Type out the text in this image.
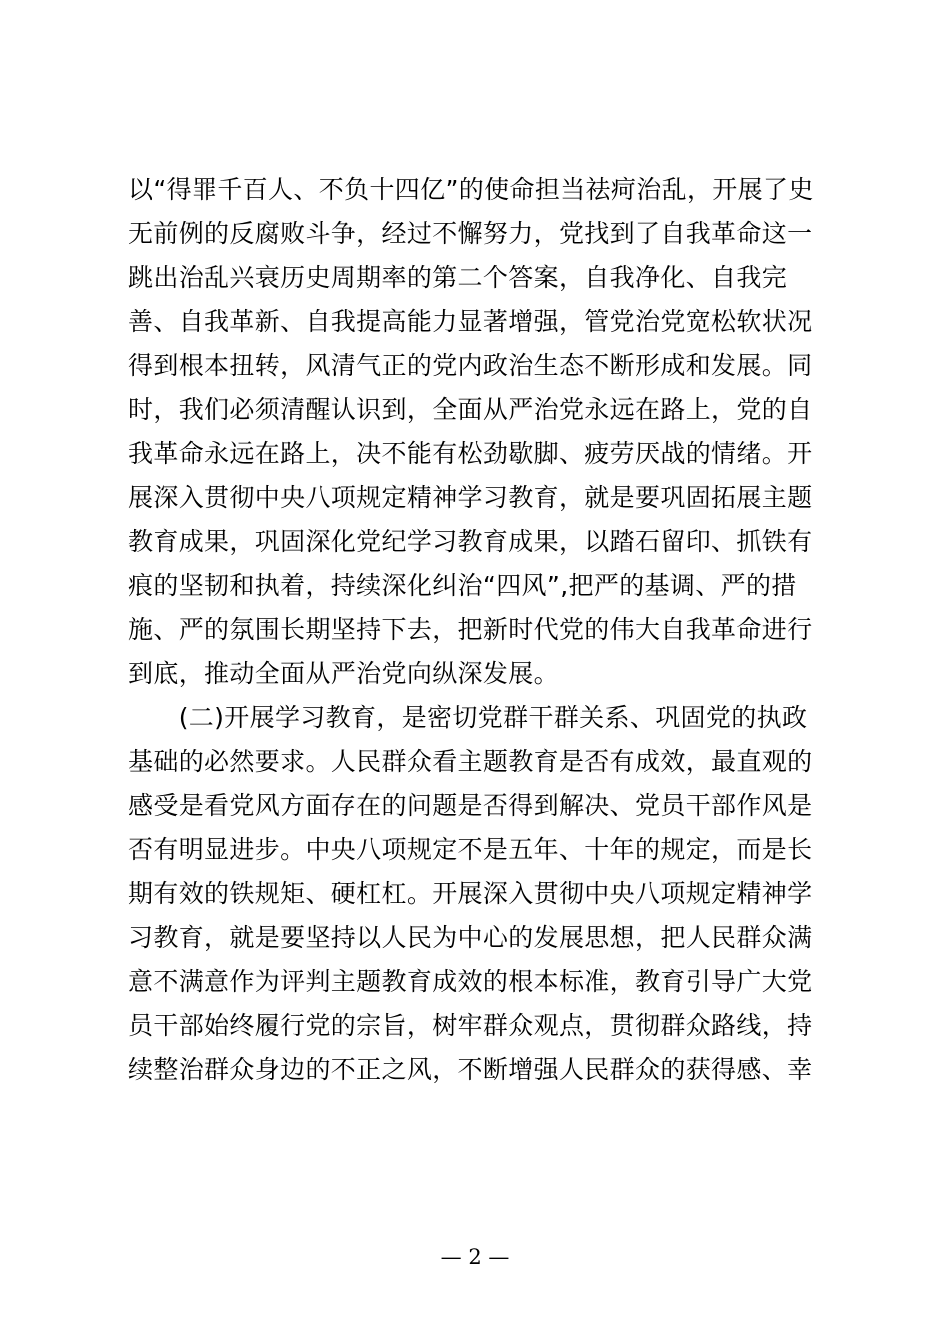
以“得罪千百人、不负十四亿”的使命担当祛疴治乱，开展了史
无前例的反腐败斗争，经过不懈努力，党找到了自我革命这一
跳出治乱兴衰历史周期率的第二个答案，自我净化、自我完
善、自我革新、自我提高能力显著增强，管党治党宽松软状况
得到根本扭转，风清气正的党内政治生态不断形成和发展。同
时，我们必须清醒认识到，全面从严治党永远在路上，党的自
我革命永远在路上，决不能有松劲歇脚、疲劳厌战的情绪。开
展深入贯彻中央八项规定精神学习教育，就是要巩固拓展主题
教育成果，巩固深化党纪学习教育成果，以踏石留印、抓铁有
痕的坚韧和执着，持续深化纠治“四风”,把严的基调、严的措
施、严的氛围长期坚持下去，把新时代党的伟大自我革命进行
到底，推动全面从严治党向纵深发展。
　　(二)开展学习教育，是密切党群干群关系、巩固党的执政
基础的必然要求。人民群众看主题教育是否有成效，最直观的
感受是看党风方面存在的问题是否得到解决、党员干部作风是
否有明显进步。中央八项规定不是五年、十年的规定，而是长
期有效的铁规矩、硬杠杠。开展深入贯彻中央八项规定精神学
习教育，就是要坚持以人民为中心的发展思想，把人民群众满
意不满意作为评判主题教育成效的根本标准，教育引导广大党
员干部始终履行党的宗旨，树牢群众观点，贯彻群众路线，持
续整治群众身边的不正之风，不断增强人民群众的获得感、幸
— 2 —
